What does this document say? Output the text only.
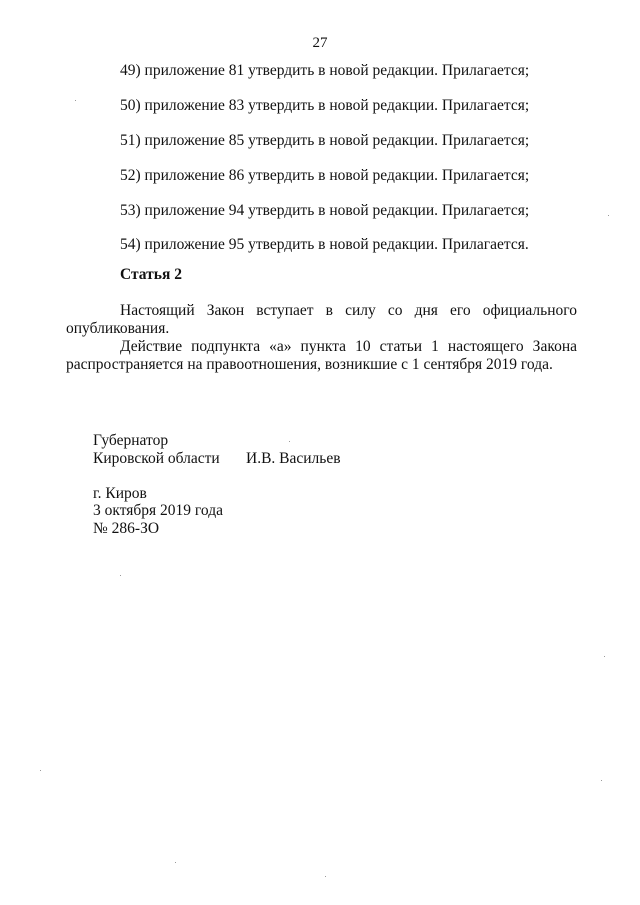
27
49) приложение 81 утвердить в новой редакции. Прилагается;
50) приложение 83 утвердить в новой редакции. Прилагается;
51) приложение 85 утвердить в новой редакции. Прилагается;
52) приложение 86 утвердить в новой редакции. Прилагается;
53) приложение 94 утвердить в новой редакции. Прилагается;
54) приложение 95 утвердить в новой редакции. Прилагается.
Статья 2
Настоящий Закон вступает в силу со дня его официального
опубликования.
Действие подпункта «а» пункта 10 статьи 1 настоящего Закона
распространяется на правоотношения, возникшие с 1 сентября 2019 года.
Губернатор
Кировской области И.В. Васильев
г. Киров
3 октября 2019 года
№ 286-ЗО
